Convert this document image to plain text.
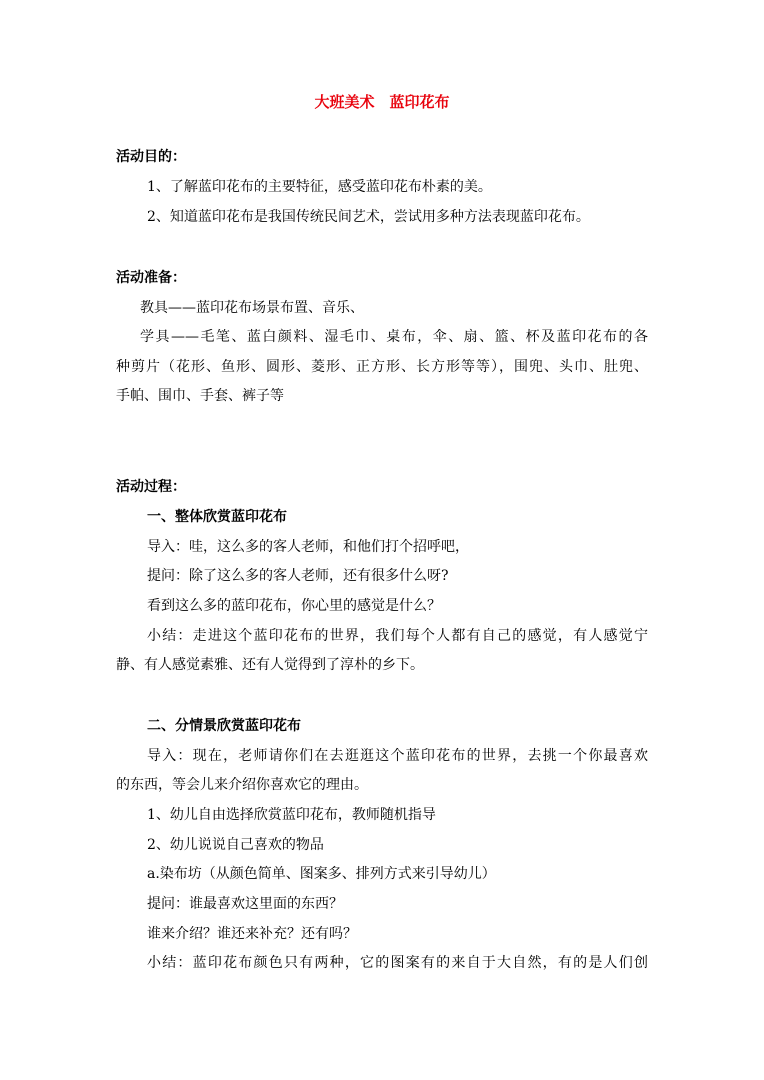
大班美术　蓝印花布
活动目的：
1、了解蓝印花布的主要特征，感受蓝印花布朴素的美。
2、知道蓝印花布是我国传统民间艺术，尝试用多种方法表现蓝印花布。
活动准备：
教具——蓝印花布场景布置、音乐、
学具——毛笔、蓝白颜料、湿毛巾、桌布，伞、扇、篮、杯及蓝印花布的各
种剪片（花形、鱼形、圆形、菱形、正方形、长方形等等），围兜、头巾、肚兜、
手帕、围巾、手套、裤子等
活动过程：
一、整体欣赏蓝印花布
导入：哇，这么多的客人老师，和他们打个招呼吧，
提问：除了这么多的客人老师，还有很多什么呀?
看到这么多的蓝印花布，你心里的感觉是什么？
小结：走进这个蓝印花布的世界，我们每个人都有自己的感觉，有人感觉宁
静、有人感觉素雅、还有人觉得到了淳朴的乡下。
二、分情景欣赏蓝印花布
导入：现在，老师请你们在去逛逛这个蓝印花布的世界，去挑一个你最喜欢
的东西，等会儿来介绍你喜欢它的理由。
1、幼儿自由选择欣赏蓝印花布，教师随机指导
2、幼儿说说自己喜欢的物品
a.染布坊（从颜色简单、图案多、排列方式来引导幼儿）
提问：谁最喜欢这里面的东西？
谁来介绍？谁还来补充？还有吗？
小结：蓝印花布颜色只有两种，它的图案有的来自于大自然，有的是人们创
